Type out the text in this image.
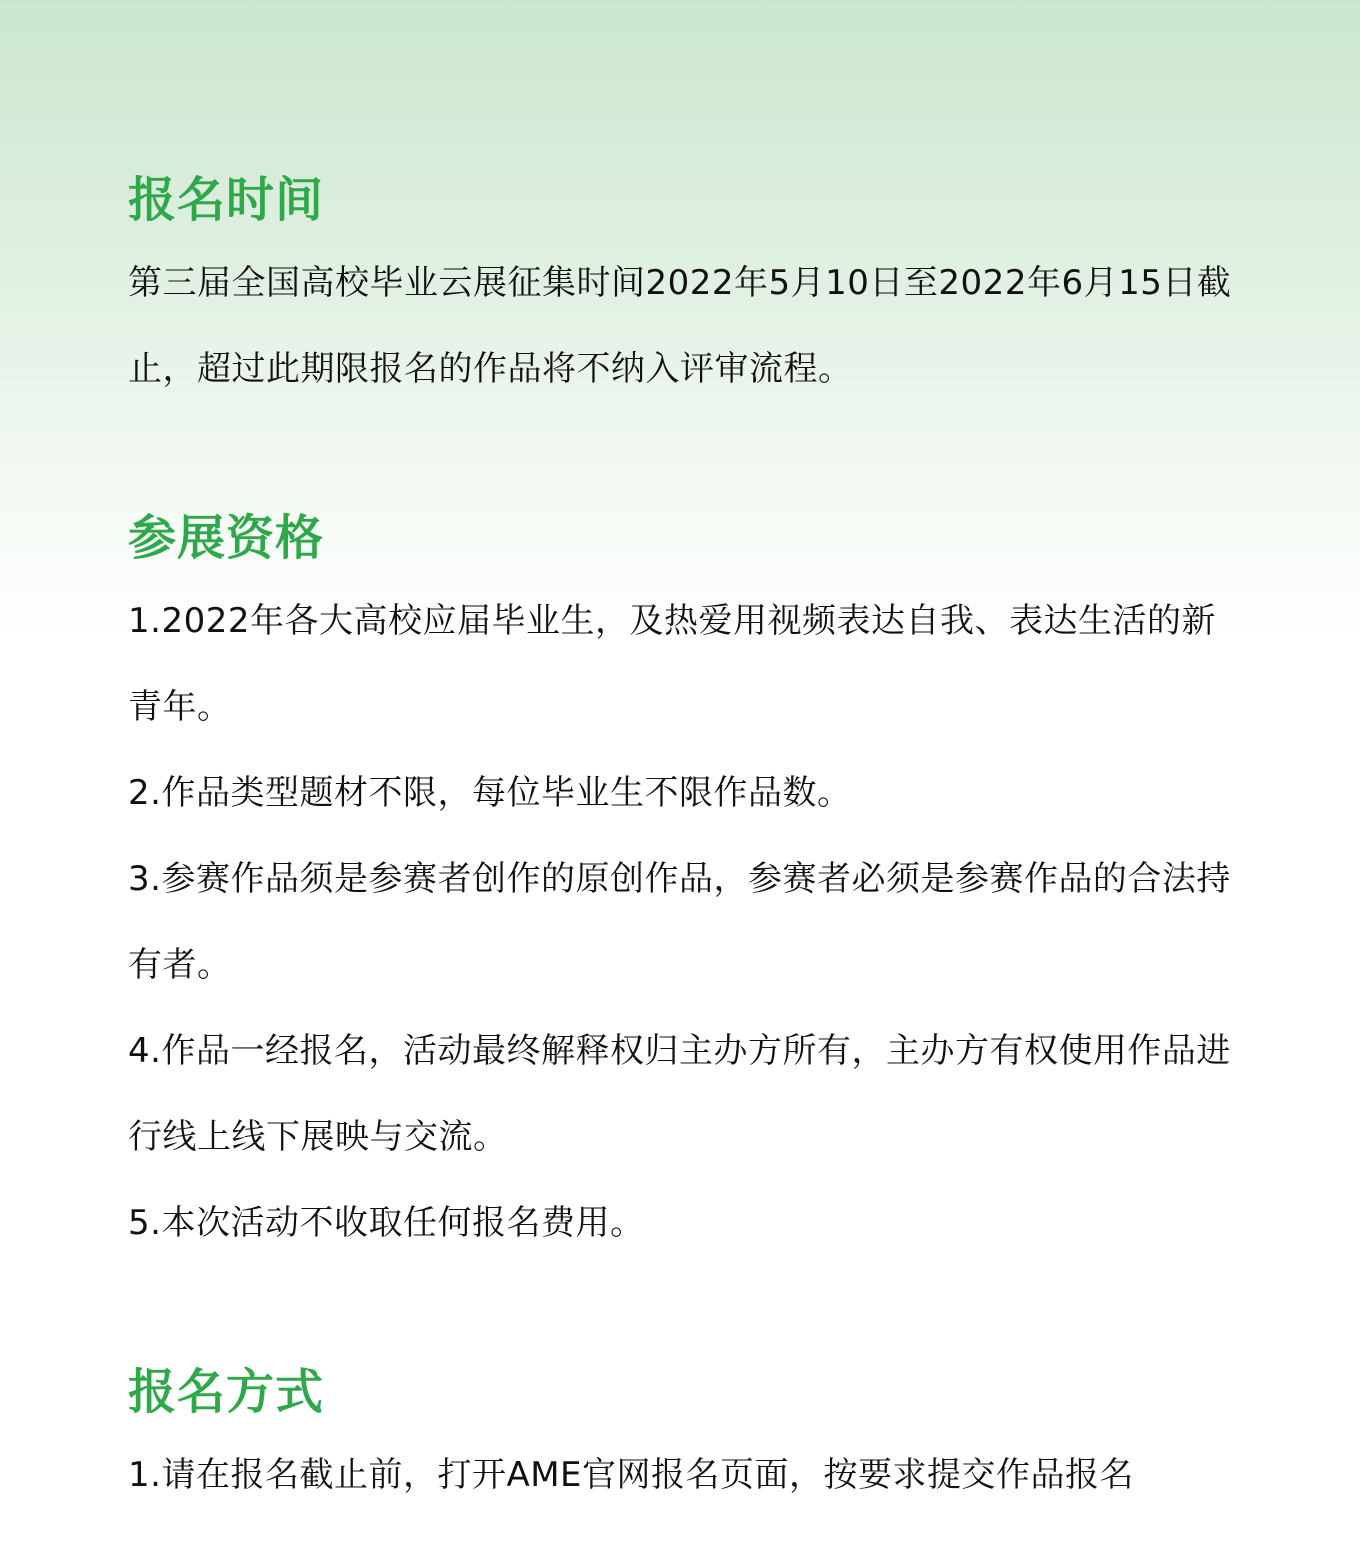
报名时间

第三届全国高校毕业云展征集时间2022年5月10日至2022年6月15日截止，超过此期限报名的作品将不纳入评审流程。

参展资格

1.2022年各大高校应届毕业生，及热爱用视频表达自我、表达生活的新青年。

2.作品类型题材不限，每位毕业生不限作品数。

3.参赛作品须是参赛者创作的原创作品，参赛者必须是参赛作品的合法持有者。

4.作品一经报名，活动最终解释权归主办方所有，主办方有权使用作品进行线上线下展映与交流。

5.本次活动不收取任何报名费用。

报名方式

1.请在报名截止前，打开AME官网报名页面，按要求提交作品报名
